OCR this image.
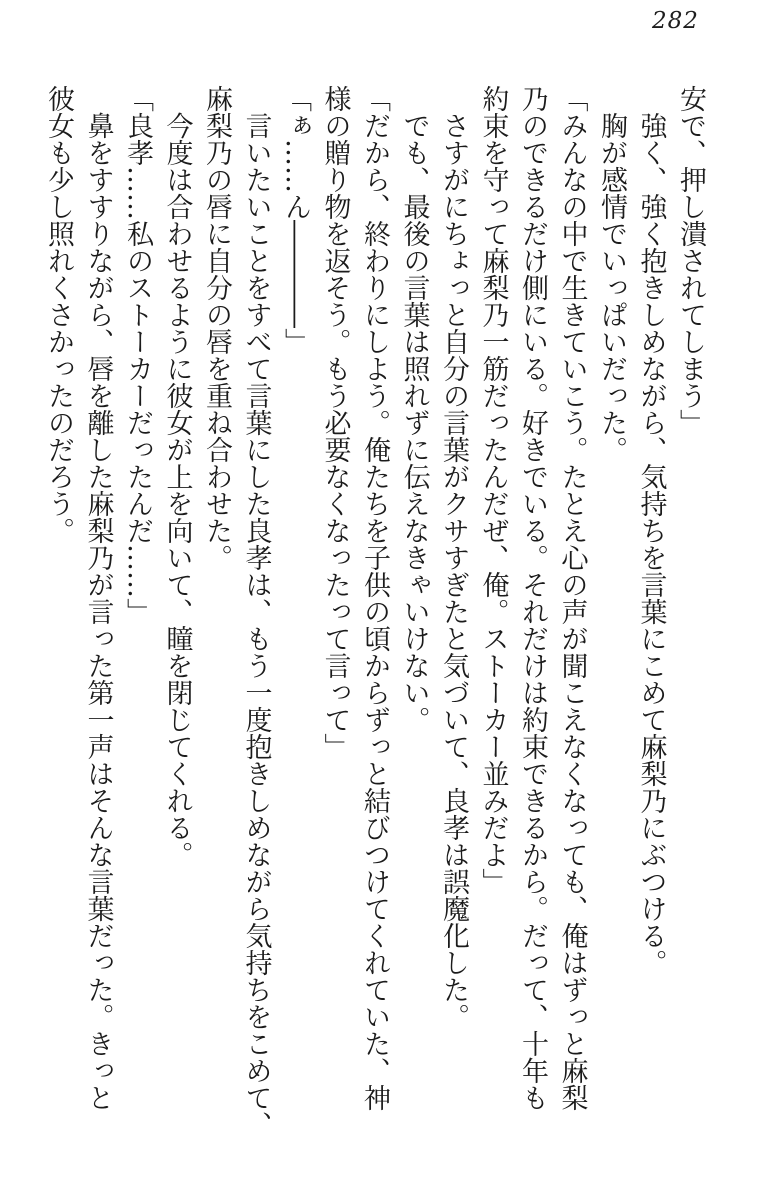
282
安で、押し潰されてしまう」
強く、強く抱きしめながら、気持ちを言葉にこめて麻梨乃にぶつける。
胸が感情でいっぱいだった。
「みんなの中で生きていこう。たとえ心の声が聞こえなくなっても、俺はずっと麻梨
乃のできるだけ側にいる。好きでいる。それだけは約束できるから。だって、十年も
約束を守って麻梨乃一筋だったんだぜ、俺。ストーカー並みだよ」
さすがにちょっと自分の言葉がクサすぎたと気づいて、良孝は誤魔化した。
でも、最後の言葉は照れずに伝えなきゃいけない。
「だから、終わりにしよう。俺たちを子供の頃からずっと結びつけてくれていた、神
様の贈り物を返そう。もう必要なくなったって言って」
「ぁ……ん――――」
言いたいことをすべて言葉にした良孝は、もう一度抱きしめながら気持ちをこめて、
麻梨乃の唇に自分の唇を重ね合わせた。
今度は合わせるように彼女が上を向いて、瞳を閉じてくれる。
「良孝……私のストーカーだったんだ……」
鼻をすすりながら、唇を離した麻梨乃が言った第一声はそんな言葉だった。きっと
彼女も少し照れくさかったのだろう。
